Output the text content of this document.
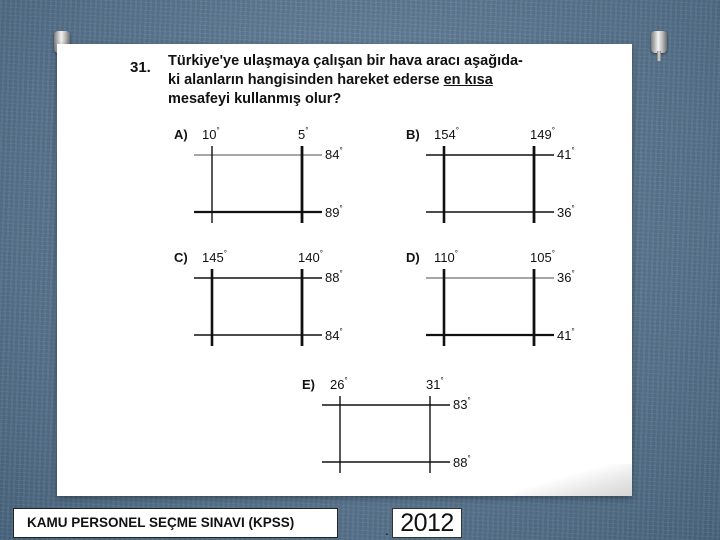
31. Türkiye'ye ulaşmaya çalışan bir hava aracı aşağıda-
ki alanların hangisinden hareket ederse en kısa
mesafeyi kullanmış olur?
A) 10°	5°
84°
89°
B) 154°	149°
41°
36°
C) 145°	140°
88°
84°
D) 110°	105°
36°
41°
E) 26°	31°
83°
88°
KAMU PERSONEL SEÇME SINAVI (KPSS)	. 2012
